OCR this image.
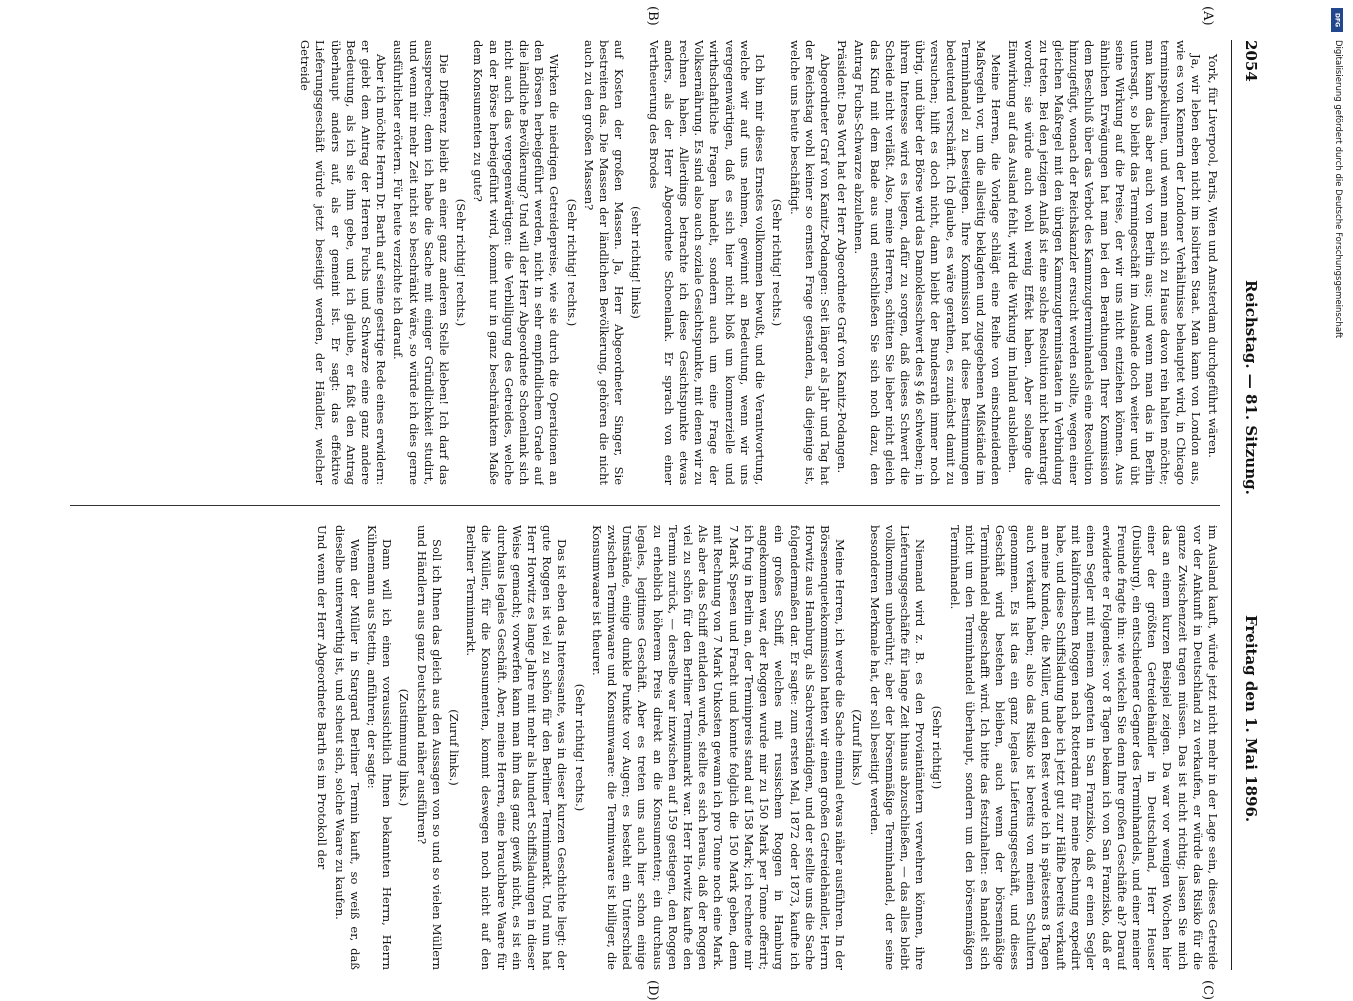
2054
Reichstag. — 81. Sitzung.
Freitag den 1. Mai 1896.
(A)
(B)
(C)
(D)

York, für Liverpool, Paris, Wien und Amsterdam durchgeführt wären.

Ja, wir leben eben nicht im isolirten Staat. Man kann von London aus, wie es von Kennern der Londoner Verhältnisse behauptet wird, in Chicago terminspekuliren, und wenn man sich zu Hause davon rein halten möchte; man kann das aber auch von Berlin aus; und wenn man das in Berlin untersagt, so bleibt das Termingeschäft im Auslande doch weiter und übt seine Wirkung auf die Preise, der wir uns nicht entziehen können. Aus ähnlichen Erwägungen hat man bei den Berathungen Ihrer Kommission dem Beschluß über das Verbot des Kammzugterminhandels eine Resolution hinzugefügt, wonach der Reichskanzler ersucht werden sollte, wegen einer gleichen Maßregel mit den übrigen Kammzugterminstaaten in Verbindung zu treten. Bei den jetzigen Anlaß ist eine solche Resolution nicht beantragt worden; sie würde auch wohl wenig Effekt haben. Aber solange die Einwirkung auf das Ausland fehlt, wird die Wirkung im Inland ausbleiben.

Meine Herren, die Vorlage schlägt eine Reihe von einschneidenden Maßregeln vor, um die allseitig beklagten und zugegebenen Mißstände im Terminhandel zu beseitigen. Ihre Kommission hat diese Bestimmungen bedeutend verschärft. Ich glaube, es wäre gerathen, es zunächst damit zu versuchen; hilft es doch nicht, dann bleibt der Bundesrath immer noch übrig, und über der Börse wird das Damoklesschwert des § 46 schweben; in ihrem Interesse wird es liegen, dafür zu sorgen, daß dieses Schwert die Scheide nicht verläßt. Also, meine Herren, schütten Sie lieber nicht gleich das Kind mit dem Bade aus und entschließen Sie sich noch dazu, den Antrag Fuchs-Schwarze abzulehnen.

Präsident: Das Wort hat der Herr Abgeordnete Graf von Kanitz-Podangen.

Abgeordneter Graf von Kanitz-Podangen: Seit länger als Jahr und Tag hat der Reichstag wohl keiner so ernsten Frage gestanden, als diejenige ist, welche uns heute beschäftigt.

(Sehr richtig! rechts.)

Ich bin mir dieses Ernstes vollkommen bewußt, und die Verantwortung, welche wir auf uns nehmen, gewinnt an Bedeutung, wenn wir uns vergegenwärtigen, daß es sich hier nicht bloß um kommerzielle und wirthschaftliche Fragen handelt, sondern auch um eine Frage der Volksernährung. Es sind also auch soziale Gesichtspunkte, mit denen wir zu rechnen haben. Allerdings betrachte ich diese Gesichtspunkte etwas anders, als der Herr Abgeordnete Schoenlank. Er sprach von einer Vertheuerung des Brodes

(sehr richtig! links)

auf Kosten der großen Massen. Ja, Herr Abgeordneter Singer, Sie bestreiten das. Die Massen der ländlichen Bevölkerung, gehören die nicht auch zu den großen Massen?

(Sehr richtig! rechts.)

Wirken die niedrigen Getreidepreise, wie sie durch die Operationen an den Börsen herbeigeführt werden, nicht in sehr empfindlichem Grade auf die ländliche Bevölkerung? Und will der Herr Abgeordnete Schoenlank sich nicht auch das vergegenwärtigen: die Verbilligung des Getreides, welche an der Börse herbeigeführt wird, kommt nur in ganz beschränktem Maße dem Konsumenten zu gute?

(Sehr richtig! rechts.)

Die Differenz bleibt an einer ganz anderen Stelle kleben! Ich darf das aussprechen; denn ich habe die Sache mit einiger Gründlichkeit studirt, und wenn mir mehr Zeit nicht so beschränkt wäre, so würde ich dies gerne ausführlicher erörtern. Für heute verzichte ich darauf.

Aber ich möchte Herrn Dr. Barth auf seine gestrige Rede eines erwidern: er giebt dem Antrag der Herren Fuchs und Schwarze eine ganz andere Bedeutung, als ich sie ihm gebe, und ich glaube, er faßt den Antrag überhaupt anders auf, als er gemeint ist. Er sagt: das effektive Lieferungsgeschäft würde jetzt beseitigt werden, der Händler, welcher Getreide

im Ausland kauft, würde jetzt nicht mehr in der Lage sein, dieses Getreide vor der Ankunft in Deutschland zu verkaufen, er würde das Risiko für die ganze Zwischenzeit tragen müssen. Das ist nicht richtig; lassen Sie mich das an einem kurzen Beispiel zeigen. Da war vor wenigen Wochen hier einer der größten Getreidehändler in Deutschland, Herr Heuser (Duisburg), ein entschiedener Gegner des Terminhandels, und einer meiner Freunde fragte ihn: wie wickeln Sie denn Ihre großen Geschäfte ab? Darauf erwiderte er Folgendes: vor 8 Tagen bekam ich von San Franzisko, daß er einen Segler mit meinem Agenten in San Franzisko, daß er einen Segler mit kalifornischem Roggen nach Rotterdam für meine Rechnung expedirt habe, und diese Schiffsladung habe ich jetzt gut zur Hälfte bereits verkauft an meine Kunden, die Müller, und den Rest werde ich in spätestens 8 Tagen auch verkauft haben; also das Risiko ist bereits von meinen Schultern genommen. Es ist das ein ganz legales Lieferungsgeschäft, und dieses Geschäft wird bestehen bleiben, auch wenn der börsenmäßige Terminhandel abgeschafft wird. Ich bitte das festzuhalten: es handelt sich nicht um den Terminhandel überhaupt, sondern um den börsenmäßigen Terminhandel.

(Sehr richtig!)

Niemand wird z. B. es den Proviantämtern verwehren können, ihre Lieferungsgeschäfte für lange Zeit hinaus abzuschließen, — das alles bleibt vollkommen unberührt; aber der börsenmäßige Terminhandel, der seine besonderen Merkmale hat, der soll beseitigt werden.

(Zuruf links.)

Meine Herren, ich werde die Sache einmal etwas näher ausführen. In der Börsenenquetekommission hatten wir einen großen Getreidehändler, Herrn Horwitz aus Hamburg, als Sachverständigen, und der stellte uns die Sache folgendermaßen dar. Er sagte: zum ersten Mal, 1872 oder 1873, kaufte ich ein großes Schiff, welches mit russischem Roggen in Hamburg angekommen war, der Roggen wurde mir zu 150 Mark per Tonne offerirt; ich frug in Berlin an, der Terminpreis stand auf 158 Mark; ich rechnete mir 7 Mark Spesen und Fracht und konnte folglich die 150 Mark geben, denn mit Rechnung von 7 Mark Unkosten gewann ich pro Tonne noch eine Mark. Als aber das Schiff entladen wurde, stellte es sich heraus, daß der Roggen viel zu schön für den Berliner Terminmarkt war. Herr Horwitz kaufte den Termin zurück, — derselbe war inzwischen auf 159 gestiegen, den Roggen zu erheblich höherem Preis direkt an die Konsumenten; ein durchaus legales, legitimes Geschäft. Aber es treten uns auch hier schon einige Umstände, einige dunkle Punkte vor Augen; es besteht ein Unterschied zwischen Terminwaare und Konsumwaare: die Terminwaare ist billiger, die Konsumwaare ist theurer.

(Sehr richtig! rechts.)

Das ist eben das Interessante, was in dieser kurzen Geschichte liegt: der gute Roggen ist viel zu schön für den Berliner Terminmarkt. Und nun hat Herr Horwitz es lange Jahre mit mehr als hundert Schiffsladungen in dieser Weise gemacht; vorwerfen kann man ihm das ganz gewiß nicht, es ist ein durchaus legales Geschäft. Aber, meine Herren, eine brauchbare Waare für die Müller, für die Konsumenten, kommt deswegen noch nicht auf den Berliner Terminmarkt.

(Zuruf links.)

Soll ich Ihnen das gleich aus den Aussagen von so und so vielen Müllern und Händlern aus ganz Deutschland näher ausführen?

(Zustimmung links.)

Dann will ich einen voraussichtlich Ihnen bekannten Herrn, Herrn Kühnemann aus Stettin, anführen; der sagte:

Wenn der Müller in Stargard Berliner Termin kauft, so weiß er, daß dieselbe unterwerthig ist, und scheut sich, solche Waare zu kaufen.

Und wenn der Herr Abgeordnete Barth es im Protokoll der

DFG
Digitalisierung gefördert durch die Deutsche Forschungsgemeinschaft
